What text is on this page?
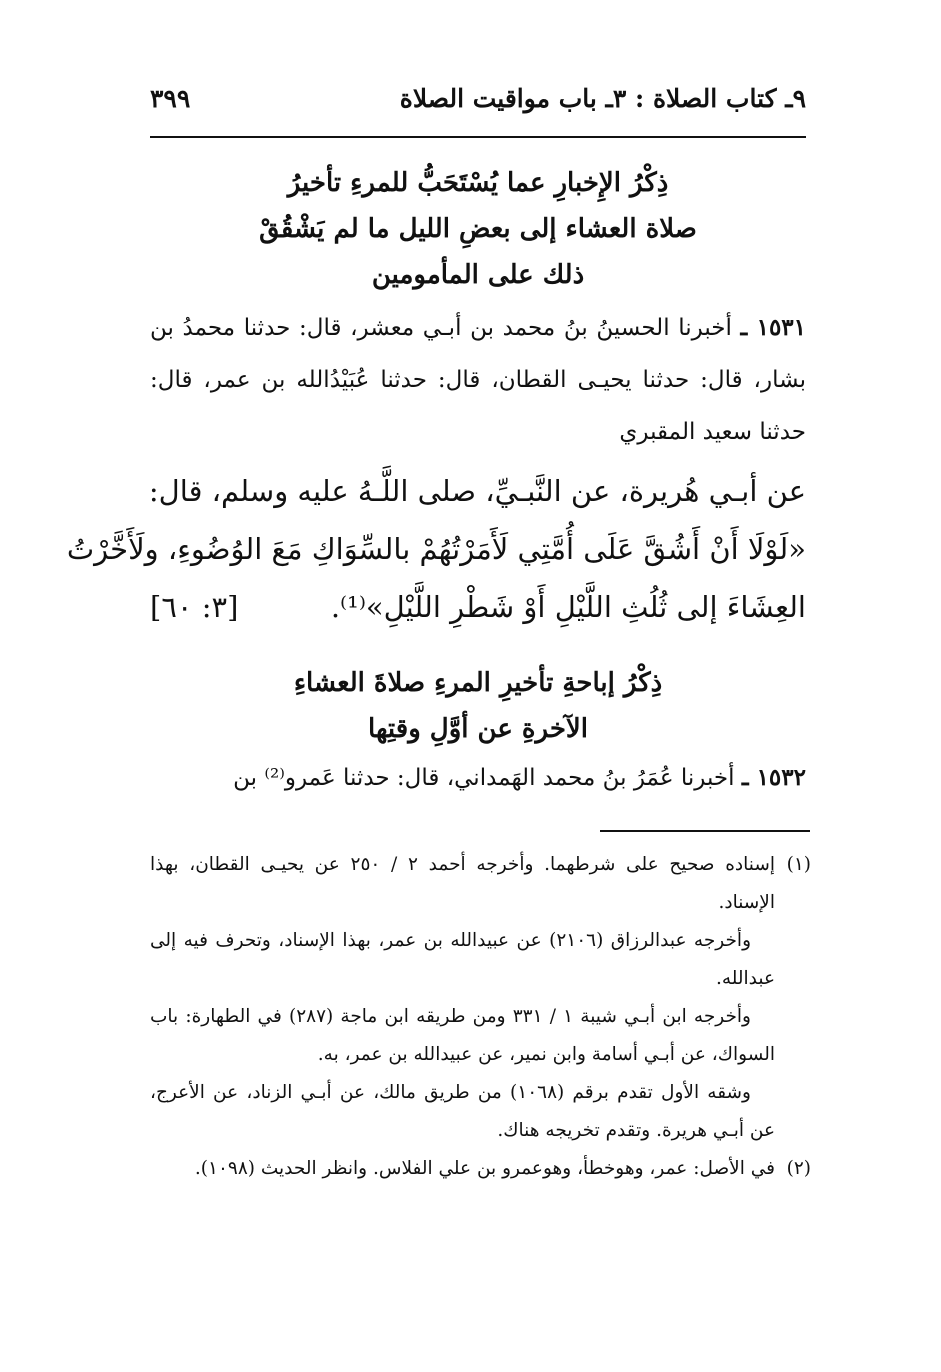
٩ـ كتاب الصلاة : ٣ـ باب مواقيت الصلاة
٣٩٩
ذِكْرُ الإِخبارِ عما يُسْتَحَبُّ للمرءِ تأخيرُ
صلاة العشاء إلى بعضِ الليل ما لم يَشْقُقْ
ذلك على المأمومين
١٥٣١ ـ أخبرنا الحسينُ بنُ محمد بن أبـي معشر، قال: حدثنا محمدُ بن بشار، قال: حدثنا يحيـى القطان، قال: حدثنا عُبَيْدُالله بن عمر، قال: حدثنا سعيد المقبري
عن أبـي هُريرة، عن النَّبـيِّ، صلى اللَّـهُ عليه وسلم، قال:
«لَوْلَا أَنْ أَشُقَّ عَلَى أُمَّتِي لَأَمَرْتُهُمْ بالسِّوَاكِ مَعَ الوُضُوءِ، ولَأَخَّرْتُ
العِشَاءَ إلى ثُلُثِ اللَّيْلِ أَوْ شَطْرِ اللَّيْلِ»⁽¹⁾.
[٣: ٦٠]
ذِكْرُ إباحةِ تأخيرِ المرءِ صلاةَ العشاءِ
الآخرةِ عن أوَّلِ وقتِها
١٥٣٢ ـ أخبرنا عُمَرُ بنُ محمد الهَمداني، قال: حدثنا عَمرو⁽²⁾ بن
(١)
إسناده صحيح على شرطهما. وأخرجه أحمد ٢ / ٢٥٠ عن يحيـى القطان، بهذا الإسناد.
وأخرجه عبدالرزاق (٢١٠٦) عن عبيدالله بن عمر، بهذا الإسناد، وتحرف فيه إلى عبدالله.
وأخرجه ابن أبـي شيبة ١ / ٣٣١ ومن طريقه ابن ماجة (٢٨٧) في الطهارة: باب السواك، عن أبـي أسامة وابن نمير، عن عبيدالله بن عمر، به.
وشقه الأول تقدم برقم (١٠٦٨) من طريق مالك، عن أبـي الزناد، عن الأعرج، عن أبـي هريرة. وتقدم تخريجه هناك.
(٢)
في الأصل: عمر، وهوخطأ، وهوعمرو بن علي الفلاس. وانظر الحديث (١٠٩٨).
